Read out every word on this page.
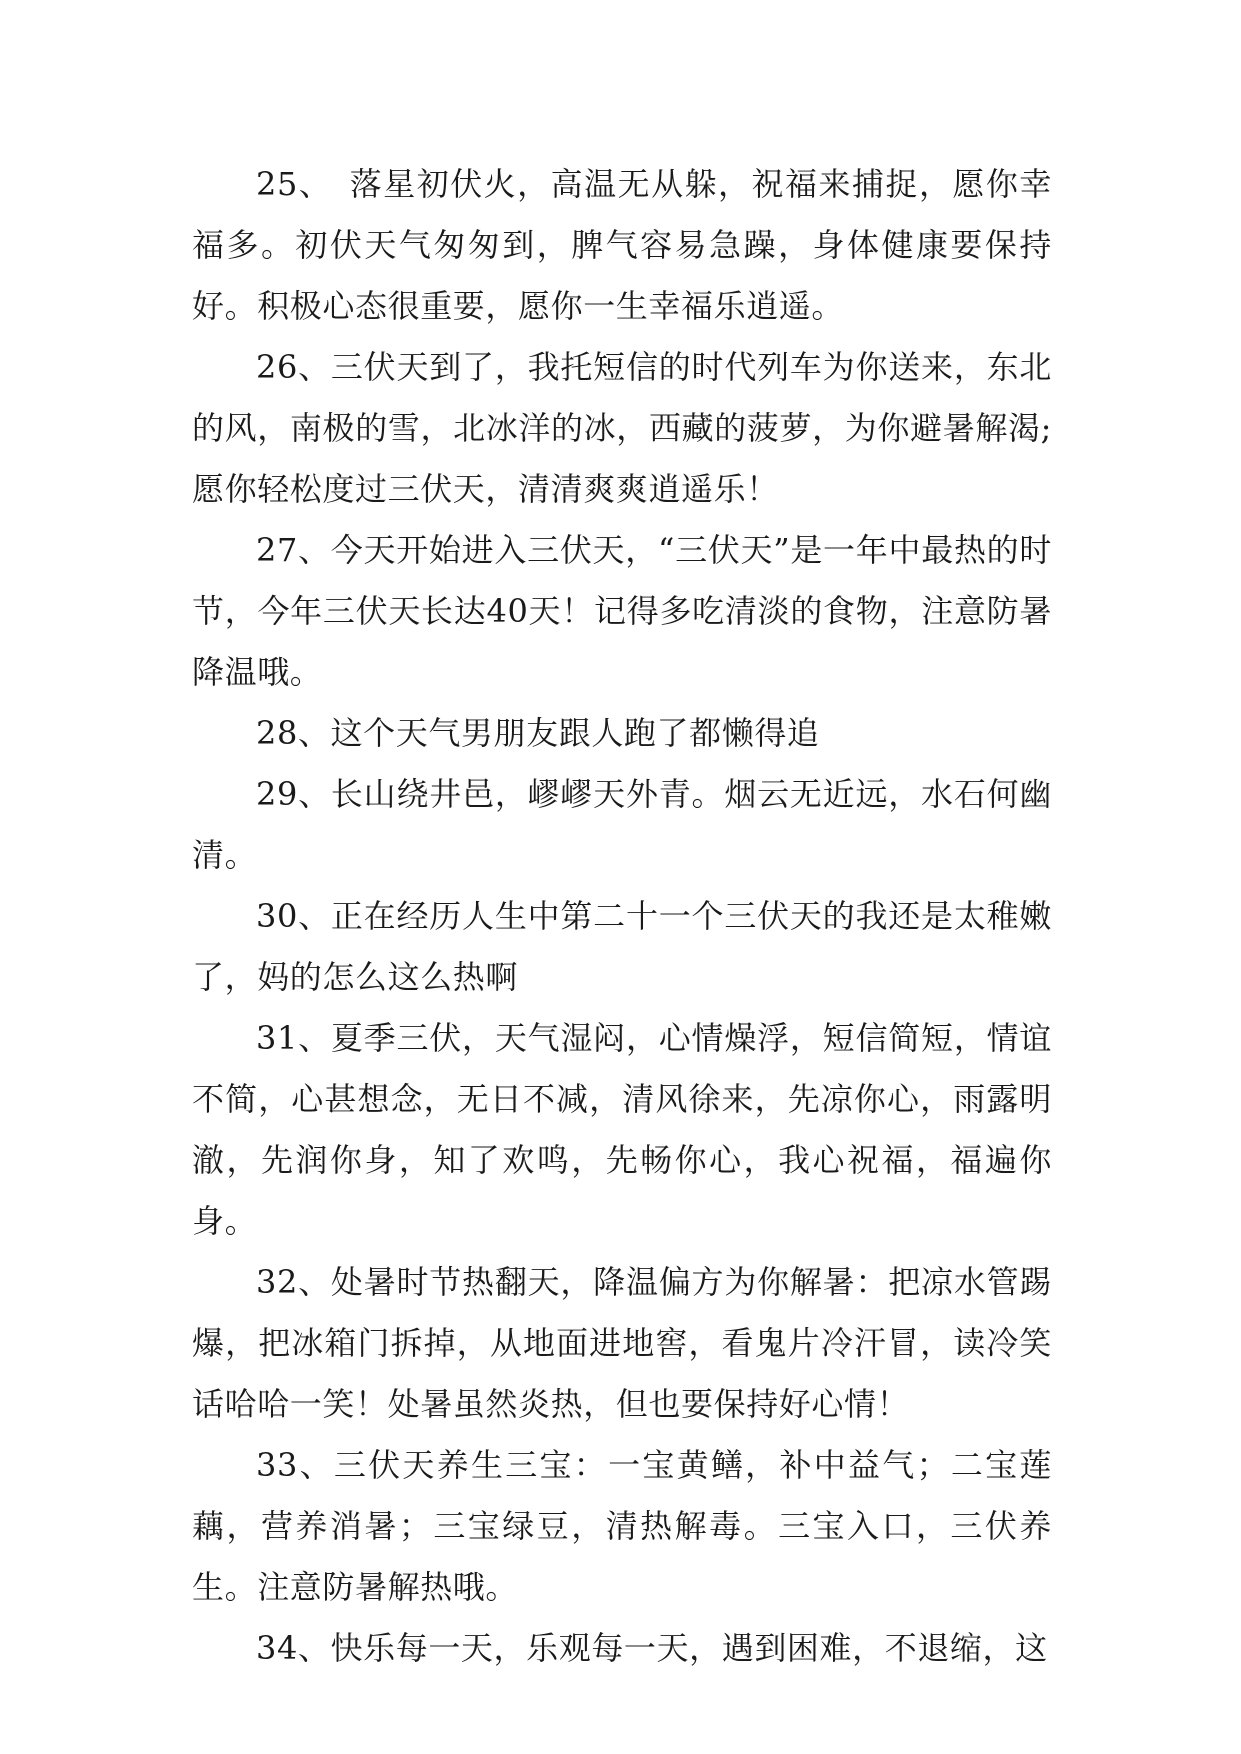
25、　落星初伏火，高温无从躲，祝福来捕捉，愿你幸福多。初伏天气匆匆到，脾气容易急躁，身体健康要保持好。积极心态很重要，愿你一生幸福乐逍遥。

26、三伏天到了，我托短信的时代列车为你送来，东北的风，南极的雪，北冰洋的冰，西藏的菠萝，为你避暑解渴;愿你轻松度过三伏天，清清爽爽逍遥乐！

27、今天开始进入三伏天，“三伏天”是一年中最热的时节，今年三伏天长达40天！记得多吃清淡的食物，注意防暑降温哦。

28、这个天气男朋友跟人跑了都懒得追

29、长山绕井邑，嵺嵺天外青。烟云无近远，水石何幽清。

30、正在经历人生中第二十一个三伏天的我还是太稚嫩了，妈的怎么这么热啊

31、夏季三伏，天气湿闷，心情燥浮，短信简短，情谊不简，心甚想念，无日不减，清风徐来，先凉你心，雨露明澈，先润你身，知了欢鸣，先畅你心，我心祝福，福遍你身。

32、处暑时节热翻天，降温偏方为你解暑：把凉水管踢爆，把冰箱门拆掉，从地面进地窖，看鬼片冷汗冒，读冷笑话哈哈一笑！处暑虽然炎热，但也要保持好心情！

33、三伏天养生三宝：一宝黄鳝，补中益气；二宝莲藕，营养消暑；三宝绿豆，清热解毒。三宝入口，三伏养生。注意防暑解热哦。

34、快乐每一天，乐观每一天，遇到困难，不退缩，这
